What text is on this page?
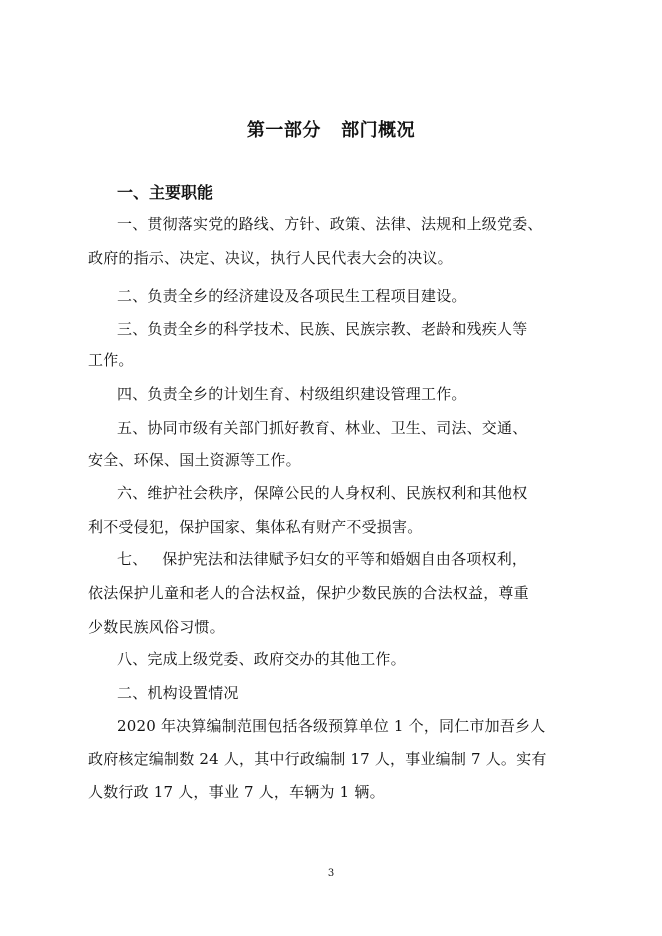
第一部分   部门概况
一、主要职能
一、贯彻落实党的路线、方针、政策、法律、法规和上级党委、
政府的指示、决定、决议，执行人民代表大会的决议。
二、负责全乡的经济建设及各项民生工程项目建设。
三、负责全乡的科学技术、民族、民族宗教、老龄和残疾人等
工作。
四、负责全乡的计划生育、村级组织建设管理工作。
五、协同市级有关部门抓好教育、林业、卫生、司法、交通、
安全、环保、国土资源等工作。
六、维护社会秩序，保障公民的人身权利、民族权利和其他权
利不受侵犯，保护国家、集体私有财产不受损害。
七、   保护宪法和法律赋予妇女的平等和婚姻自由各项权利，
依法保护儿童和老人的合法权益，保护少数民族的合法权益，尊重
少数民族风俗习惯。
八、完成上级党委、政府交办的其他工作。
二、机构设置情况
2020 年决算编制范围包括各级预算单位 1 个，同仁市加吾乡人
政府核定编制数 24 人，其中行政编制 17 人，事业编制 7 人。实有
人数行政 17 人，事业 7 人，车辆为 1 辆。
3
